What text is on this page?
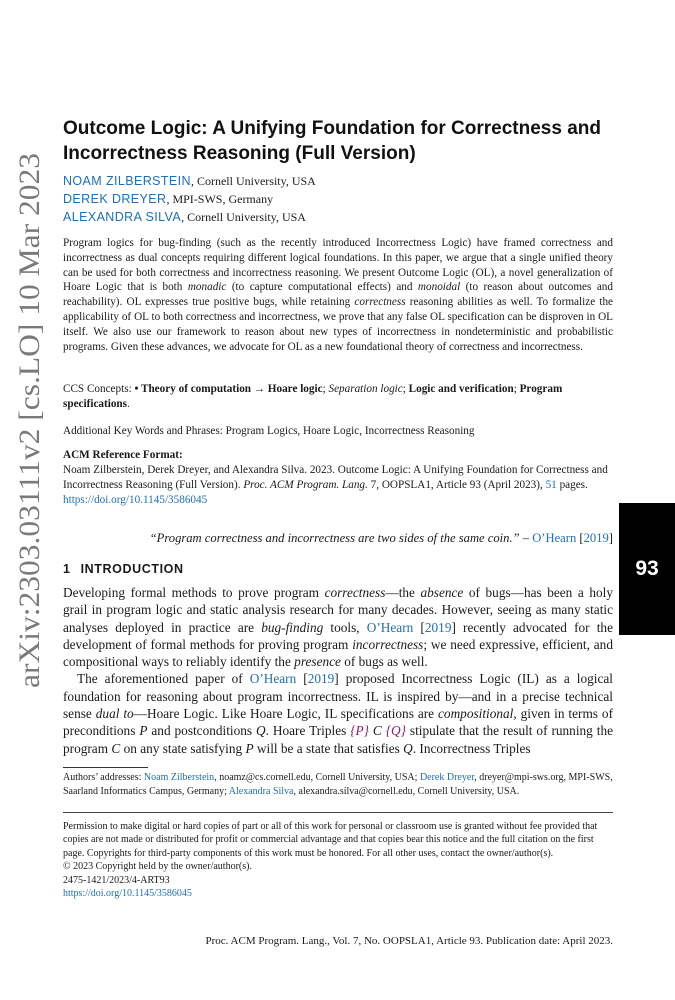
arXiv:2303.03111v2 [cs.LO] 10 Mar 2023	93
Outcome Logic: A Unifying Foundation for Correctness and
Incorrectness Reasoning (Full Version)
NOAM ZILBERSTEIN, Cornell University, USA
DEREK DREYER, MPI-SWS, Germany
ALEXANDRA SILVA, Cornell University, USA
Program logics for bug-finding (such as the recently introduced Incorrectness Logic) have framed correctness and incorrectness as dual concepts requiring different logical foundations. In this paper, we argue that a single unified theory can be used for both correctness and incorrectness reasoning. We present Outcome Logic (OL), a novel generalization of Hoare Logic that is both monadic (to capture computational effects) and monoidal (to reason about outcomes and reachability). OL expresses true positive bugs, while retaining correctness reasoning abilities as well. To formalize the applicability of OL to both correctness and incorrectness, we prove that any false OL specification can be disproven in OL itself. We also use our framework to reason about new types of incorrectness in nondeterministic and probabilistic programs. Given these advances, we advocate for OL as a new foundational theory of correctness and incorrectness.
CCS Concepts: • Theory of computation → Hoare logic; Separation logic; Logic and verification; Program specifications.
Additional Key Words and Phrases: Program Logics, Hoare Logic, Incorrectness Reasoning
ACM Reference Format:
Noam Zilberstein, Derek Dreyer, and Alexandra Silva. 2023. Outcome Logic: A Unifying Foundation for Correctness and Incorrectness Reasoning (Full Version). Proc. ACM Program. Lang. 7, OOPSLA1, Article 93 (April 2023), 51 pages. https://doi.org/10.1145/3586045
“Program correctness and incorrectness are two sides of the same coin.” – O’Hearn [2019]
1 INTRODUCTION

Developing formal methods to prove program correctness—the absence of bugs—has been a holy grail in program logic and static analysis research for many decades. However, seeing as many static analyses deployed in practice are bug-finding tools, O’Hearn [2019] recently advocated for the development of formal methods for proving program incorrectness; we need expressive, efficient, and compositional ways to reliably identify the presence of bugs as well.

The aforementioned paper of O’Hearn [2019] proposed Incorrectness Logic (IL) as a logical foundation for reasoning about program incorrectness. IL is inspired by—and in a precise technical sense dual to—Hoare Logic. Like Hoare Logic, IL specifications are compositional, given in terms of preconditions P and postconditions Q. Hoare Triples {P} C {Q} stipulate that the result of running the program C on any state satisfying P will be a state that satisfies Q. Incorrectness Triples

Authors’ addresses: Noam Zilberstein, noamz@cs.cornell.edu, Cornell University, USA; Derek Dreyer, dreyer@mpi-sws.org, MPI-SWS, Saarland Informatics Campus, Germany; Alexandra Silva, alexandra.silva@cornell.edu, Cornell University, USA.
Permission to make digital or hard copies of part or all of this work for personal or classroom use is granted without fee provided that copies are not made or distributed for profit or commercial advantage and that copies bear this notice and the full citation on the first page. Copyrights for third-party components of this work must be honored. For all other uses, contact the owner/author(s).
© 2023 Copyright held by the owner/author(s).
2475-1421/2023/4-ART93
https://doi.org/10.1145/3586045
Proc. ACM Program. Lang., Vol. 7, No. OOPSLA1, Article 93. Publication date: April 2023.
